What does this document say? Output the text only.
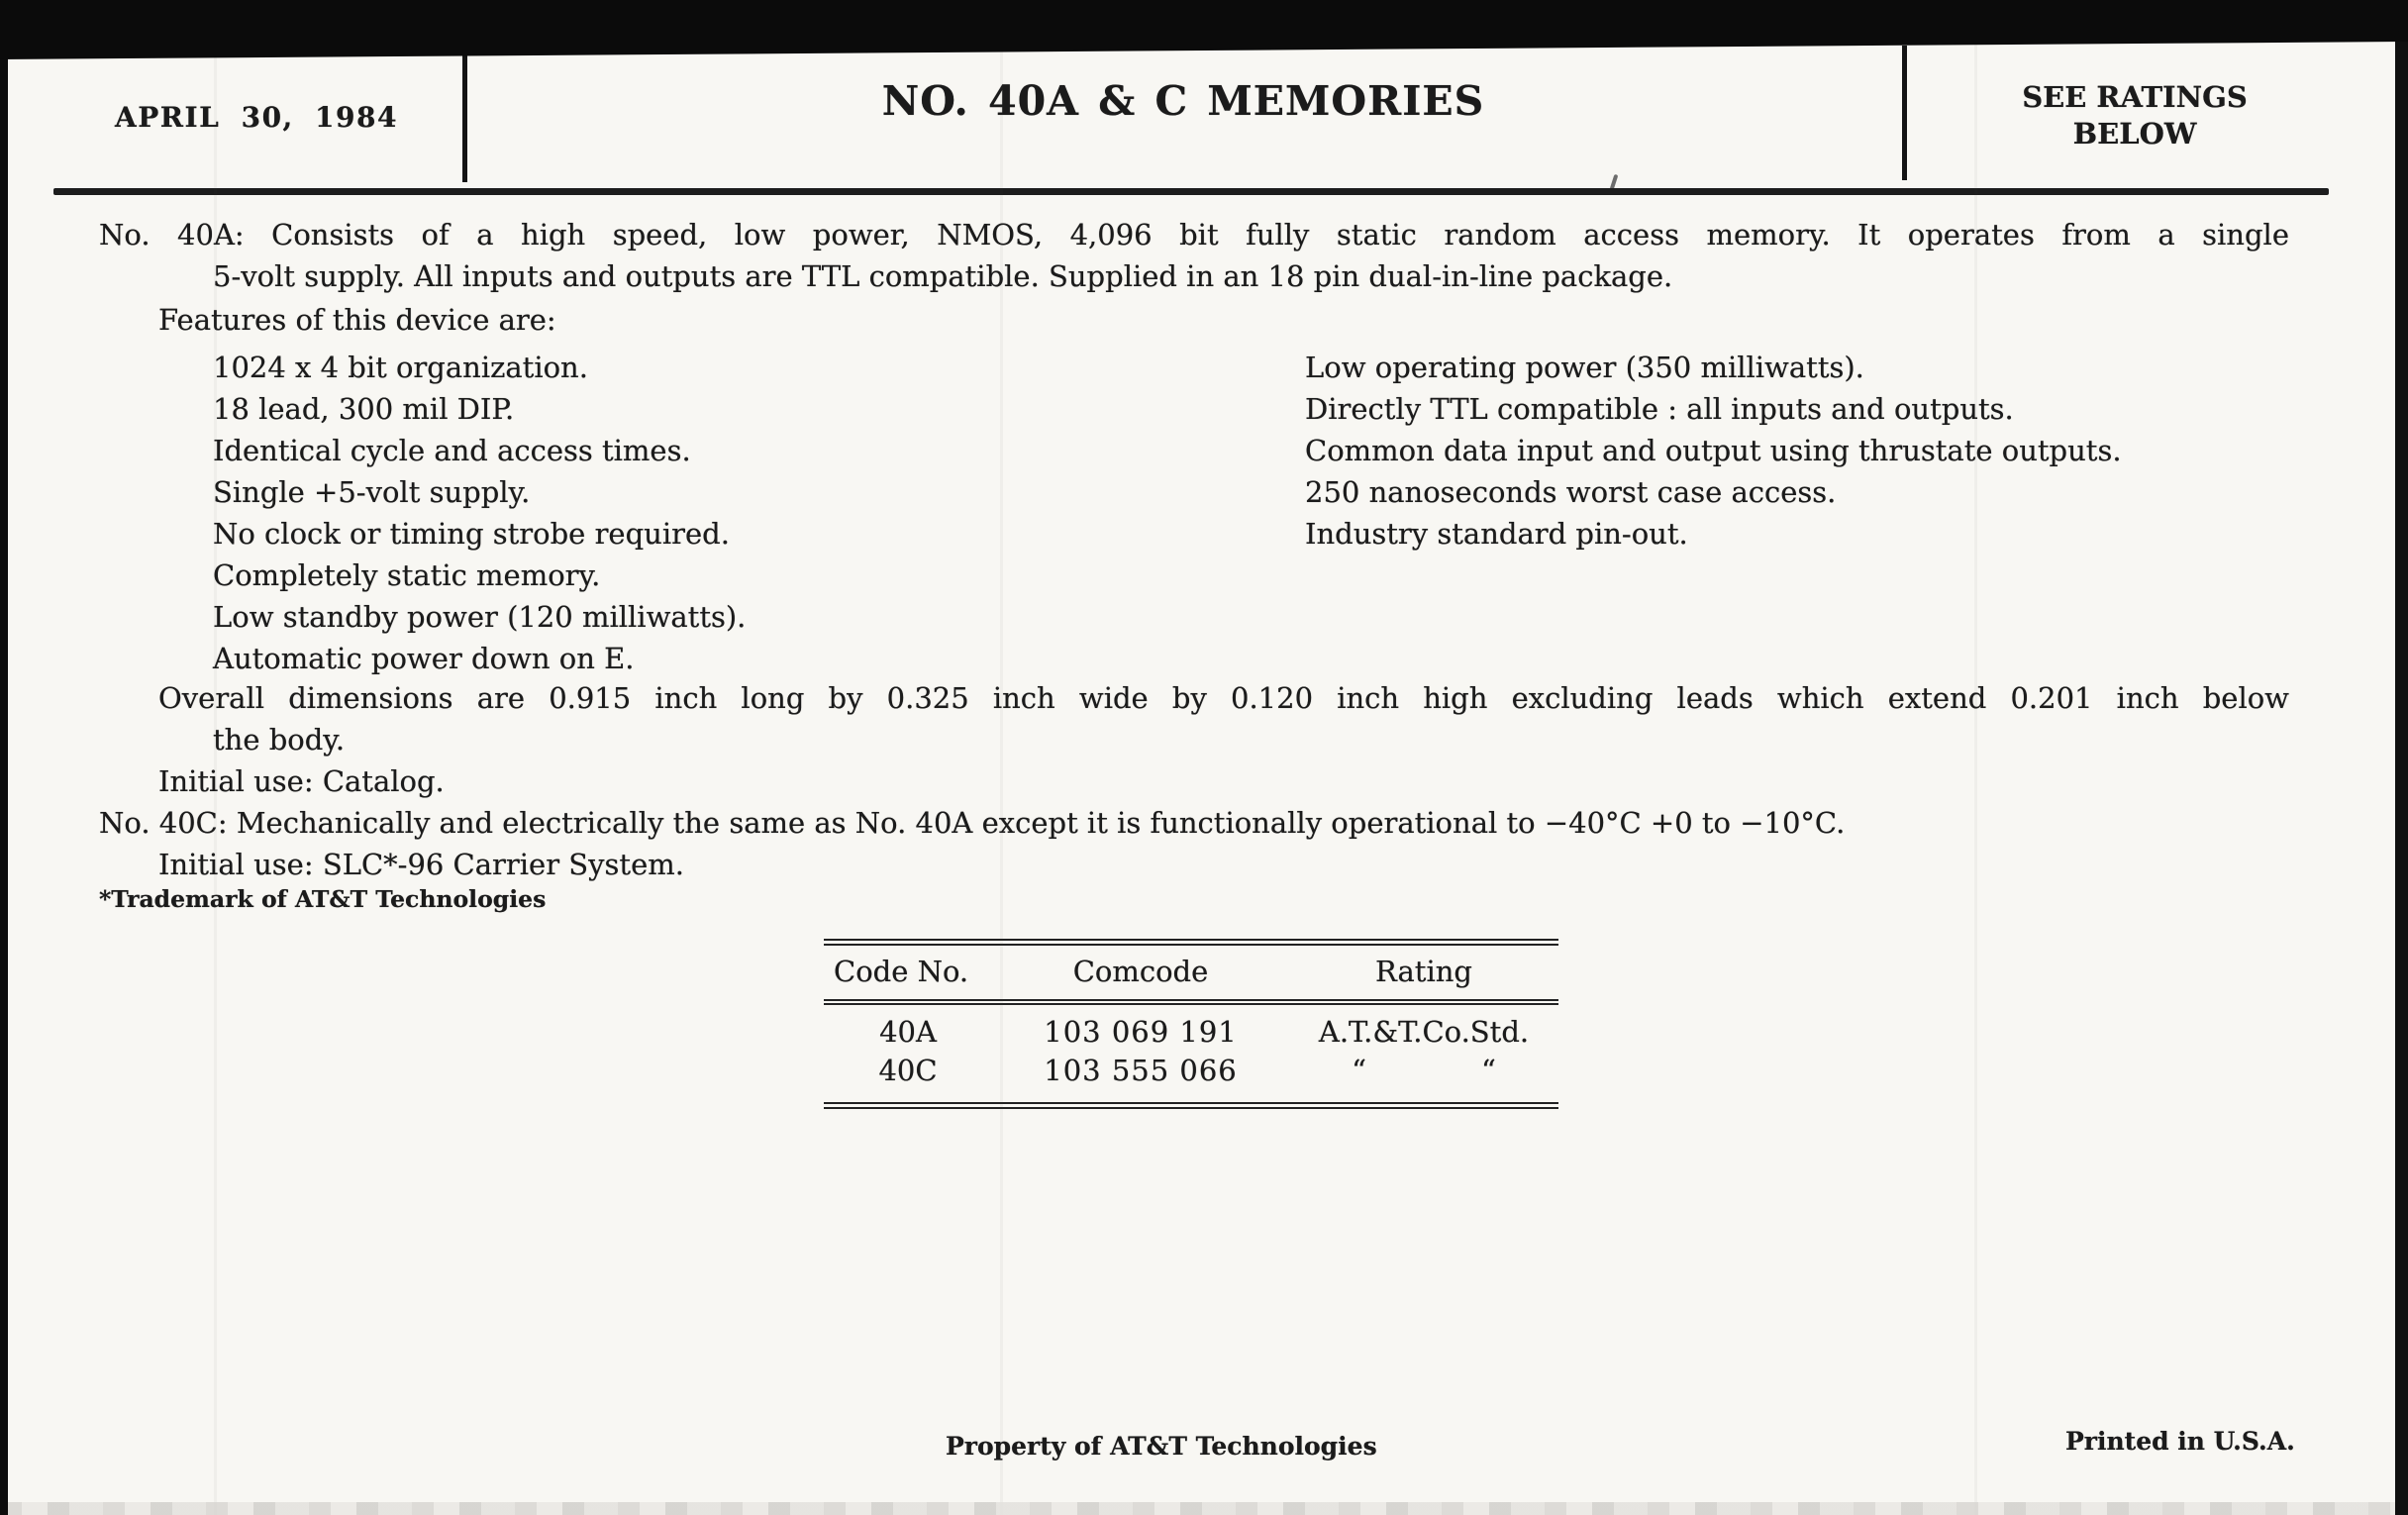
APRIL 30, 1984	NO. 40A & C MEMORIES	SEE RATINGS
BELOW
No. 40A: Consists of a high speed, low power, NMOS, 4,096 bit fully static random access memory. It operates from a single
5-volt supply. All inputs and outputs are TTL compatible. Supplied in an 18 pin dual-in-line package.
Features of this device are:
1024 x 4 bit organization.
18 lead, 300 mil DIP.
Identical cycle and access times.
Single +5-volt supply.
No clock or timing strobe required.
Completely static memory.
Low standby power (120 milliwatts).
Automatic power down on E.
Low operating power (350 milliwatts).
Directly TTL compatible : all inputs and outputs.
Common data input and output using thrustate outputs.
250 nanoseconds worst case access.
Industry standard pin-out.
Overall dimensions are 0.915 inch long by 0.325 inch wide by 0.120 inch high excluding leads which extend 0.201 inch below
the body.
Initial use: Catalog.
No. 40C: Mechanically and electrically the same as No. 40A except it is functionally operational to −40°C +0 to −10°C.
Initial use: SLC*-96 Carrier System.
*Trademark of AT&T Technologies
Code No.	Comcode	Rating
40A	103 069 191	A.T.&T.Co.Std.
40C	103 555 066	“    “
Property of AT&T Technologies	Printed in U.S.A.
